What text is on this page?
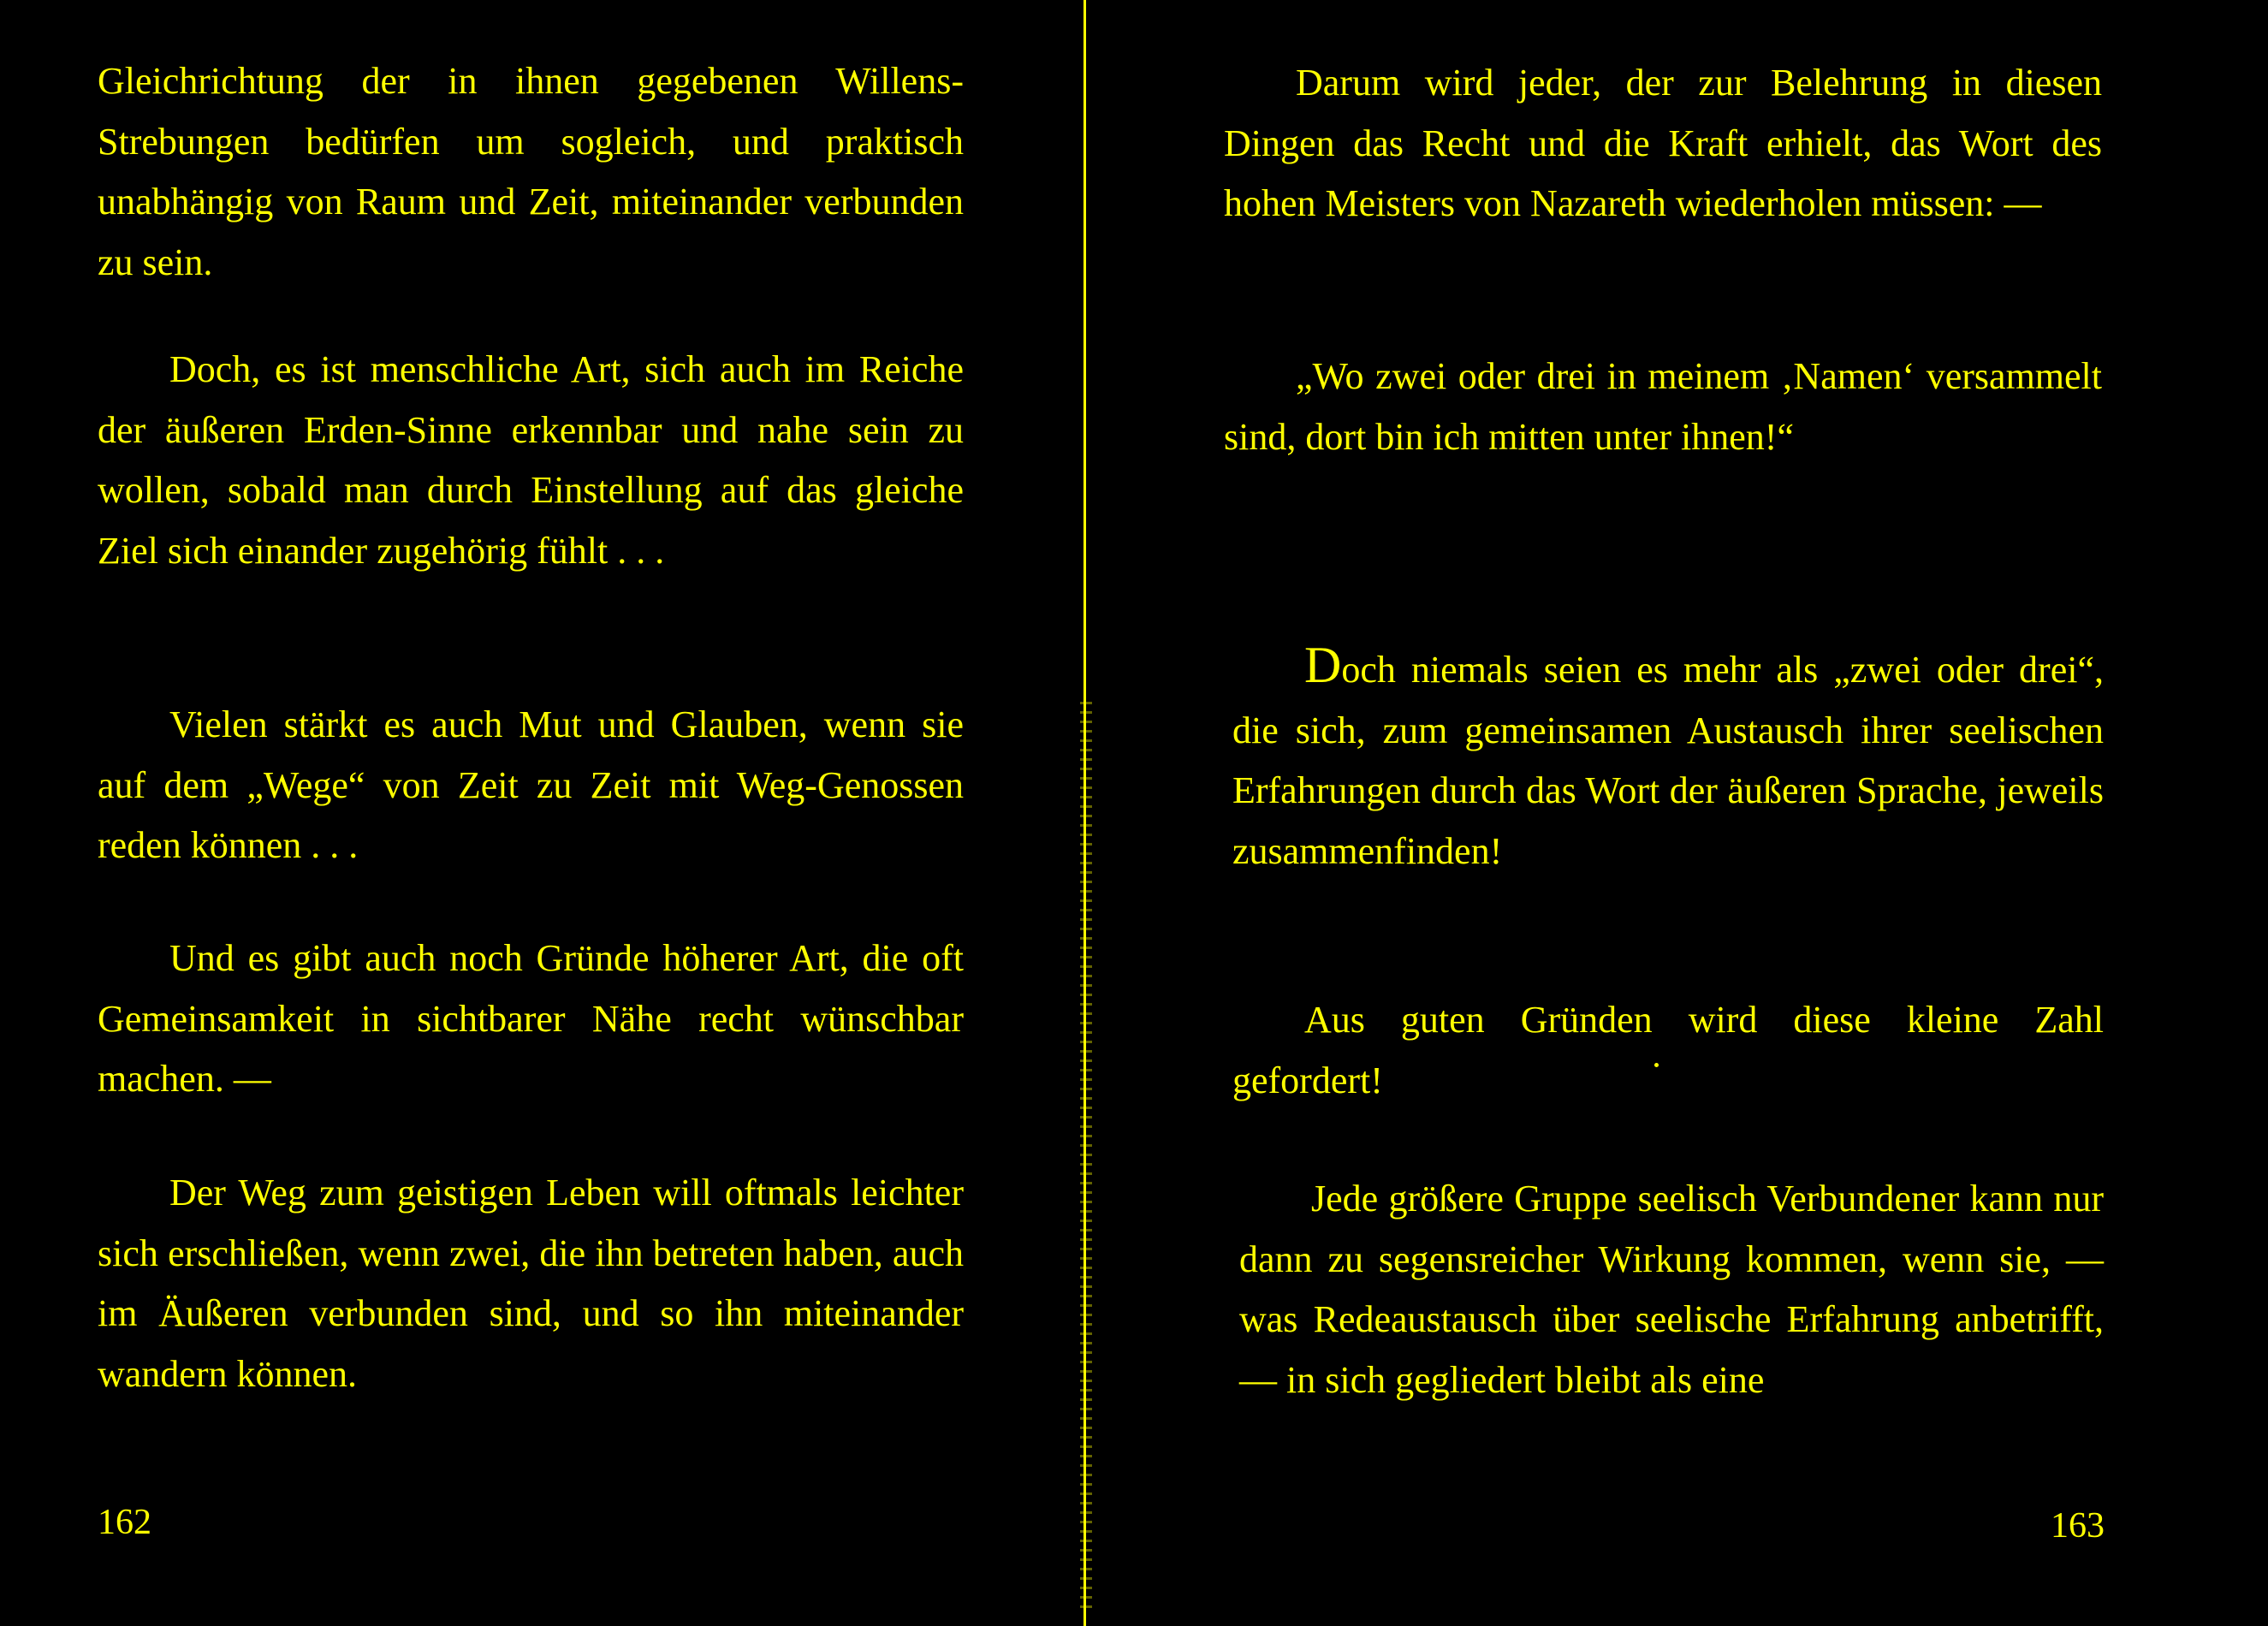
Gleichrichtung der in ihnen gegebenen Willens-Strebungen bedürfen um sogleich, und praktisch unabhängig von Raum und Zeit, miteinander verbunden zu sein.

Doch, es ist menschliche Art, sich auch im Reiche der äußeren Erden-Sinne erkennbar und nahe sein zu wollen, sobald man durch Einstellung auf das gleiche Ziel sich einander zugehörig fühlt . . .

Vielen stärkt es auch Mut und Glauben, wenn sie auf dem „Wege“ von Zeit zu Zeit mit Weg-Genossen reden können . . .

Und es gibt auch noch Gründe höherer Art, die oft Gemeinsamkeit in sichtbarer Nähe recht wünschbar machen. —

Der Weg zum geistigen Leben will oftmals leichter sich erschließen, wenn zwei, die ihn betreten haben, auch im Äußeren verbunden sind, und so ihn miteinander wandern können.

162

Darum wird jeder, der zur Belehrung in diesen Dingen das Recht und die Kraft erhielt, das Wort des hohen Meisters von Nazareth wiederholen müssen: —

„Wo zwei oder drei in meinem ‚Namen‘ versammelt sind, dort bin ich mitten unter ihnen!“

Doch niemals seien es mehr als „zwei oder drei“, die sich, zum gemeinsamen Austausch ihrer seelischen Erfahrungen durch das Wort der äußeren Sprache, jeweils zusammenfinden!

Aus guten Gründen wird diese kleine Zahl gefordert!

Jede größere Gruppe seelisch Verbundener kann nur dann zu segensreicher Wirkung kommen, wenn sie, — was Redeaustausch über seelische Erfahrung anbetrifft, — in sich gegliedert bleibt als eine

163
